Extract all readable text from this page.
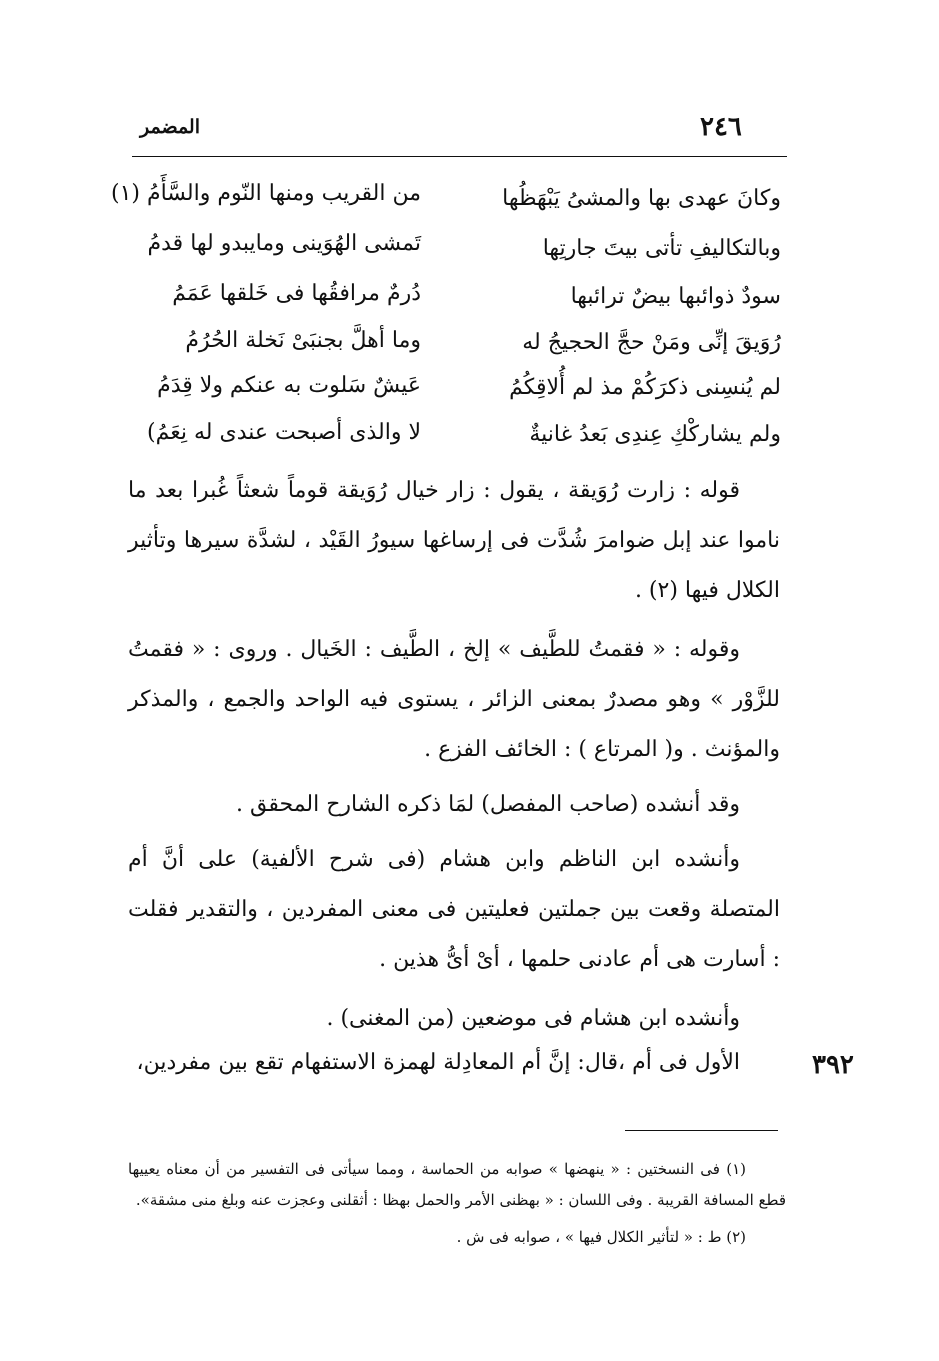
٢٤٦
المضمر
وكانَ عهدى بها والمشىُ يَبْهَظُها
من القريب ومنها النّوم والسَّأَمُ (١)
وبالتكاليفِ تأتى بيتَ جارتِها
تَمشى الهُوَينى ومايبدو لها قدمُ
سودٌ ذوائبها بيضٌ ترائبها
دُرمٌ مرافقُها فى خَلقها عَمَمُ
رُوَيقَ إنِّى ومَنْ حجَّ الحجيجُ له
وما أهلَّ بجنبَىْ نَخلة الحُرُمُ
لم يُنسِنى ذكرَكُمْ مذ لم أُلاقِكُمُ
عَيشٌ سَلوت به عنكم ولا قِدَمُ
ولم يشاركْكِ عِندِى بَعدُ غانيةٌ
لا والذى أصبحت عندى له نِعَمُ)

قوله : زارت رُوَيقة ، يقول : زار خيال رُوَيقة قوماً شعثاً غُبرا بعد ما ناموا عند إبل ضوامرَ شُدَّت فى إرساغها سيورُ القَيْد ، لشدَّة سيرها وتأثير الكلال فيها (٢) .

وقوله : « فقمتُ للطَّيف » إلخ ، الطَّيف : الخَيال . وروى : « فقمتُ للزَّوْر » وهو مصدرٌ بمعنى الزائر ، يستوى فيه الواحد والجمع ، والمذكر والمؤنث . و( المرتاع ) : الخائف الفزع .

وقد أنشده (صاحب المفصل) لمَا ذكره الشارح المحقق .

وأنشده ابن الناظم وابن هشام (فى شرح الألفية) على أنَّ أم المتصلة وقعت بين جملتين فعليتين فى معنى المفردين ، والتقدير فقلت : أسارت هى أم عادنى حلمها ، أىْ أىُّ هذين .

وأنشده ابن هشام فى موضعين (من المغنى) .

الأول فى أم ،قال: إنَّ أم المعادِلة لهمزة الاستفهام تقع بين مفردين،	٣٩٢

(١) فى النسختين : « ينهضها » صوابه من الحماسة ، ومما سيأتى فى التفسير من أن معناه يعييها قطع المسافة القريبة . وفى اللسان : « بهظنى الأمر والحمل بهظا : أثقلنى وعجزت عنه وبلغ منى مشقة».

(٢) ط : « لتأثير الكلال فيها » ، صوابه فى ش .
